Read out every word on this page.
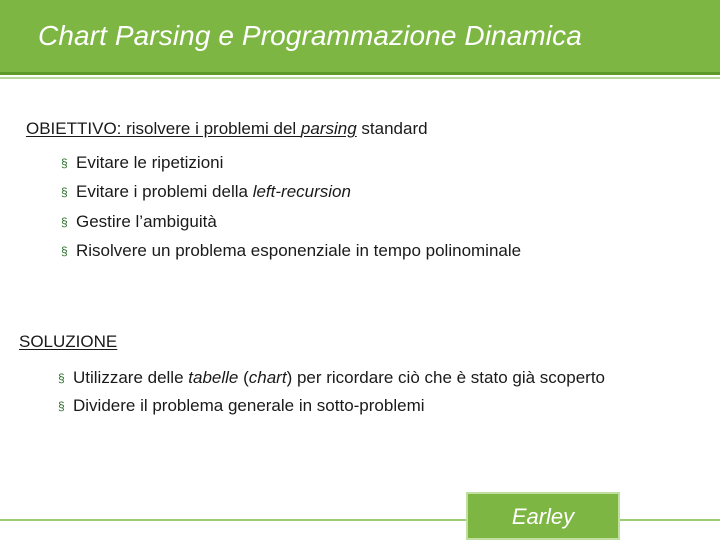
Chart Parsing e Programmazione Dinamica
OBIETTIVO: risolvere i problemi del parsing standard
§ Evitare le ripetizioni
§ Evitare i problemi della left-recursion
§ Gestire l’ambiguità
§ Risolvere un problema esponenziale in tempo polinominale
SOLUZIONE
§ Utilizzare delle tabelle (chart) per ricordare ciò che è stato già scoperto
§ Dividere il problema generale in sotto-problemi
Earley
